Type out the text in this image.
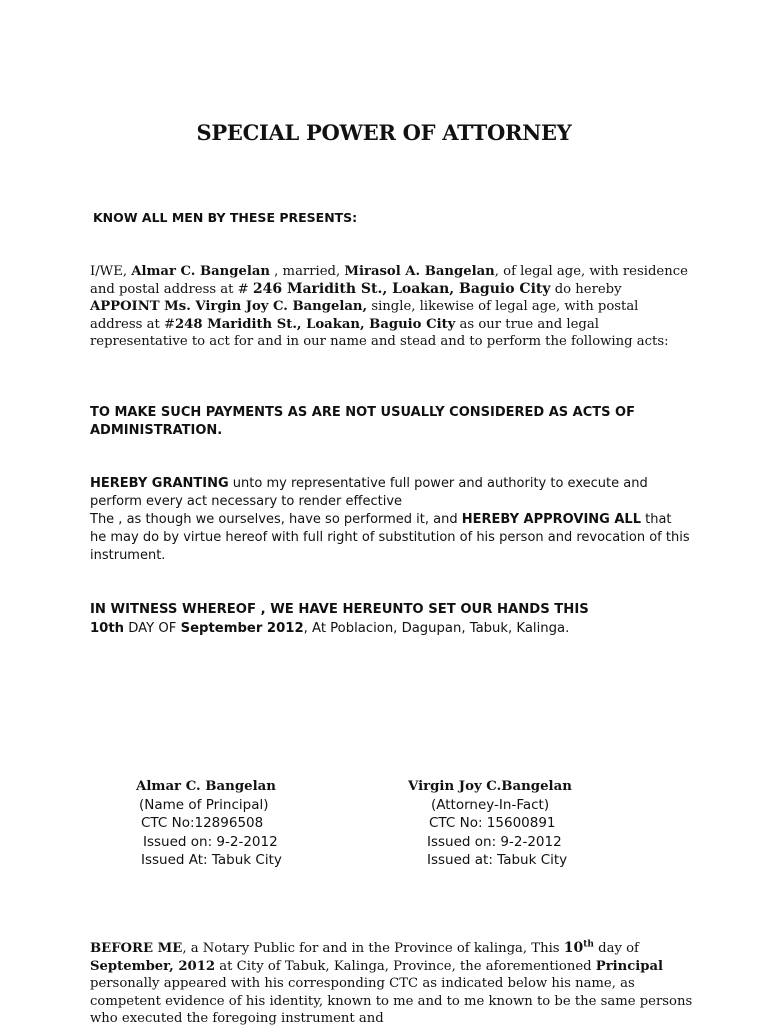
SPECIAL POWER OF ATTORNEY
KNOW ALL MEN BY THESE PRESENTS:
I/WE, Almar C. Bangelan , married, Mirasol A. Bangelan, of legal age, with residence and postal address at # 246 Maridith St., Loakan, Baguio City do hereby APPOINT Ms. Virgin Joy C. Bangelan, single, likewise of legal age, with postal address at #248 Maridith St., Loakan, Baguio City as our true and legal representative to act for and in our name and stead and to perform the following acts:
TO MAKE SUCH PAYMENTS AS ARE NOT USUALLY CONSIDERED AS ACTS OF ADMINISTRATION.
HEREBY GRANTING unto my representative full power and authority to execute and perform every act necessary to render effective
The , as though we ourselves, have so performed it, and HEREBY APPROVING ALL that he may do by virtue hereof with full right of substitution of his person and revocation of this instrument.
IN WITNESS WHEREOF , WE HAVE HEREUNTO SET OUR HANDS THIS
10th DAY OF September 2012, At Poblacion, Dagupan, Tabuk, Kalinga.
Almar C. Bangelan
(Name of Principal)
CTC No:12896508
Issued on: 9-2-2012
Issued At: Tabuk City
Virgin Joy C.Bangelan
(Attorney-In-Fact)
CTC No: 15600891
Issued on: 9-2-2012
Issued at: Tabuk City
BEFORE ME, a Notary Public for and in the Province of kalinga, This 10th day of September, 2012 at City of Tabuk, Kalinga, Province, the aforementioned Principal personally appeared with his corresponding CTC as indicated below his name, as competent evidence of his identity, known to me and to me known to be the same persons who executed the foregoing instrument and
